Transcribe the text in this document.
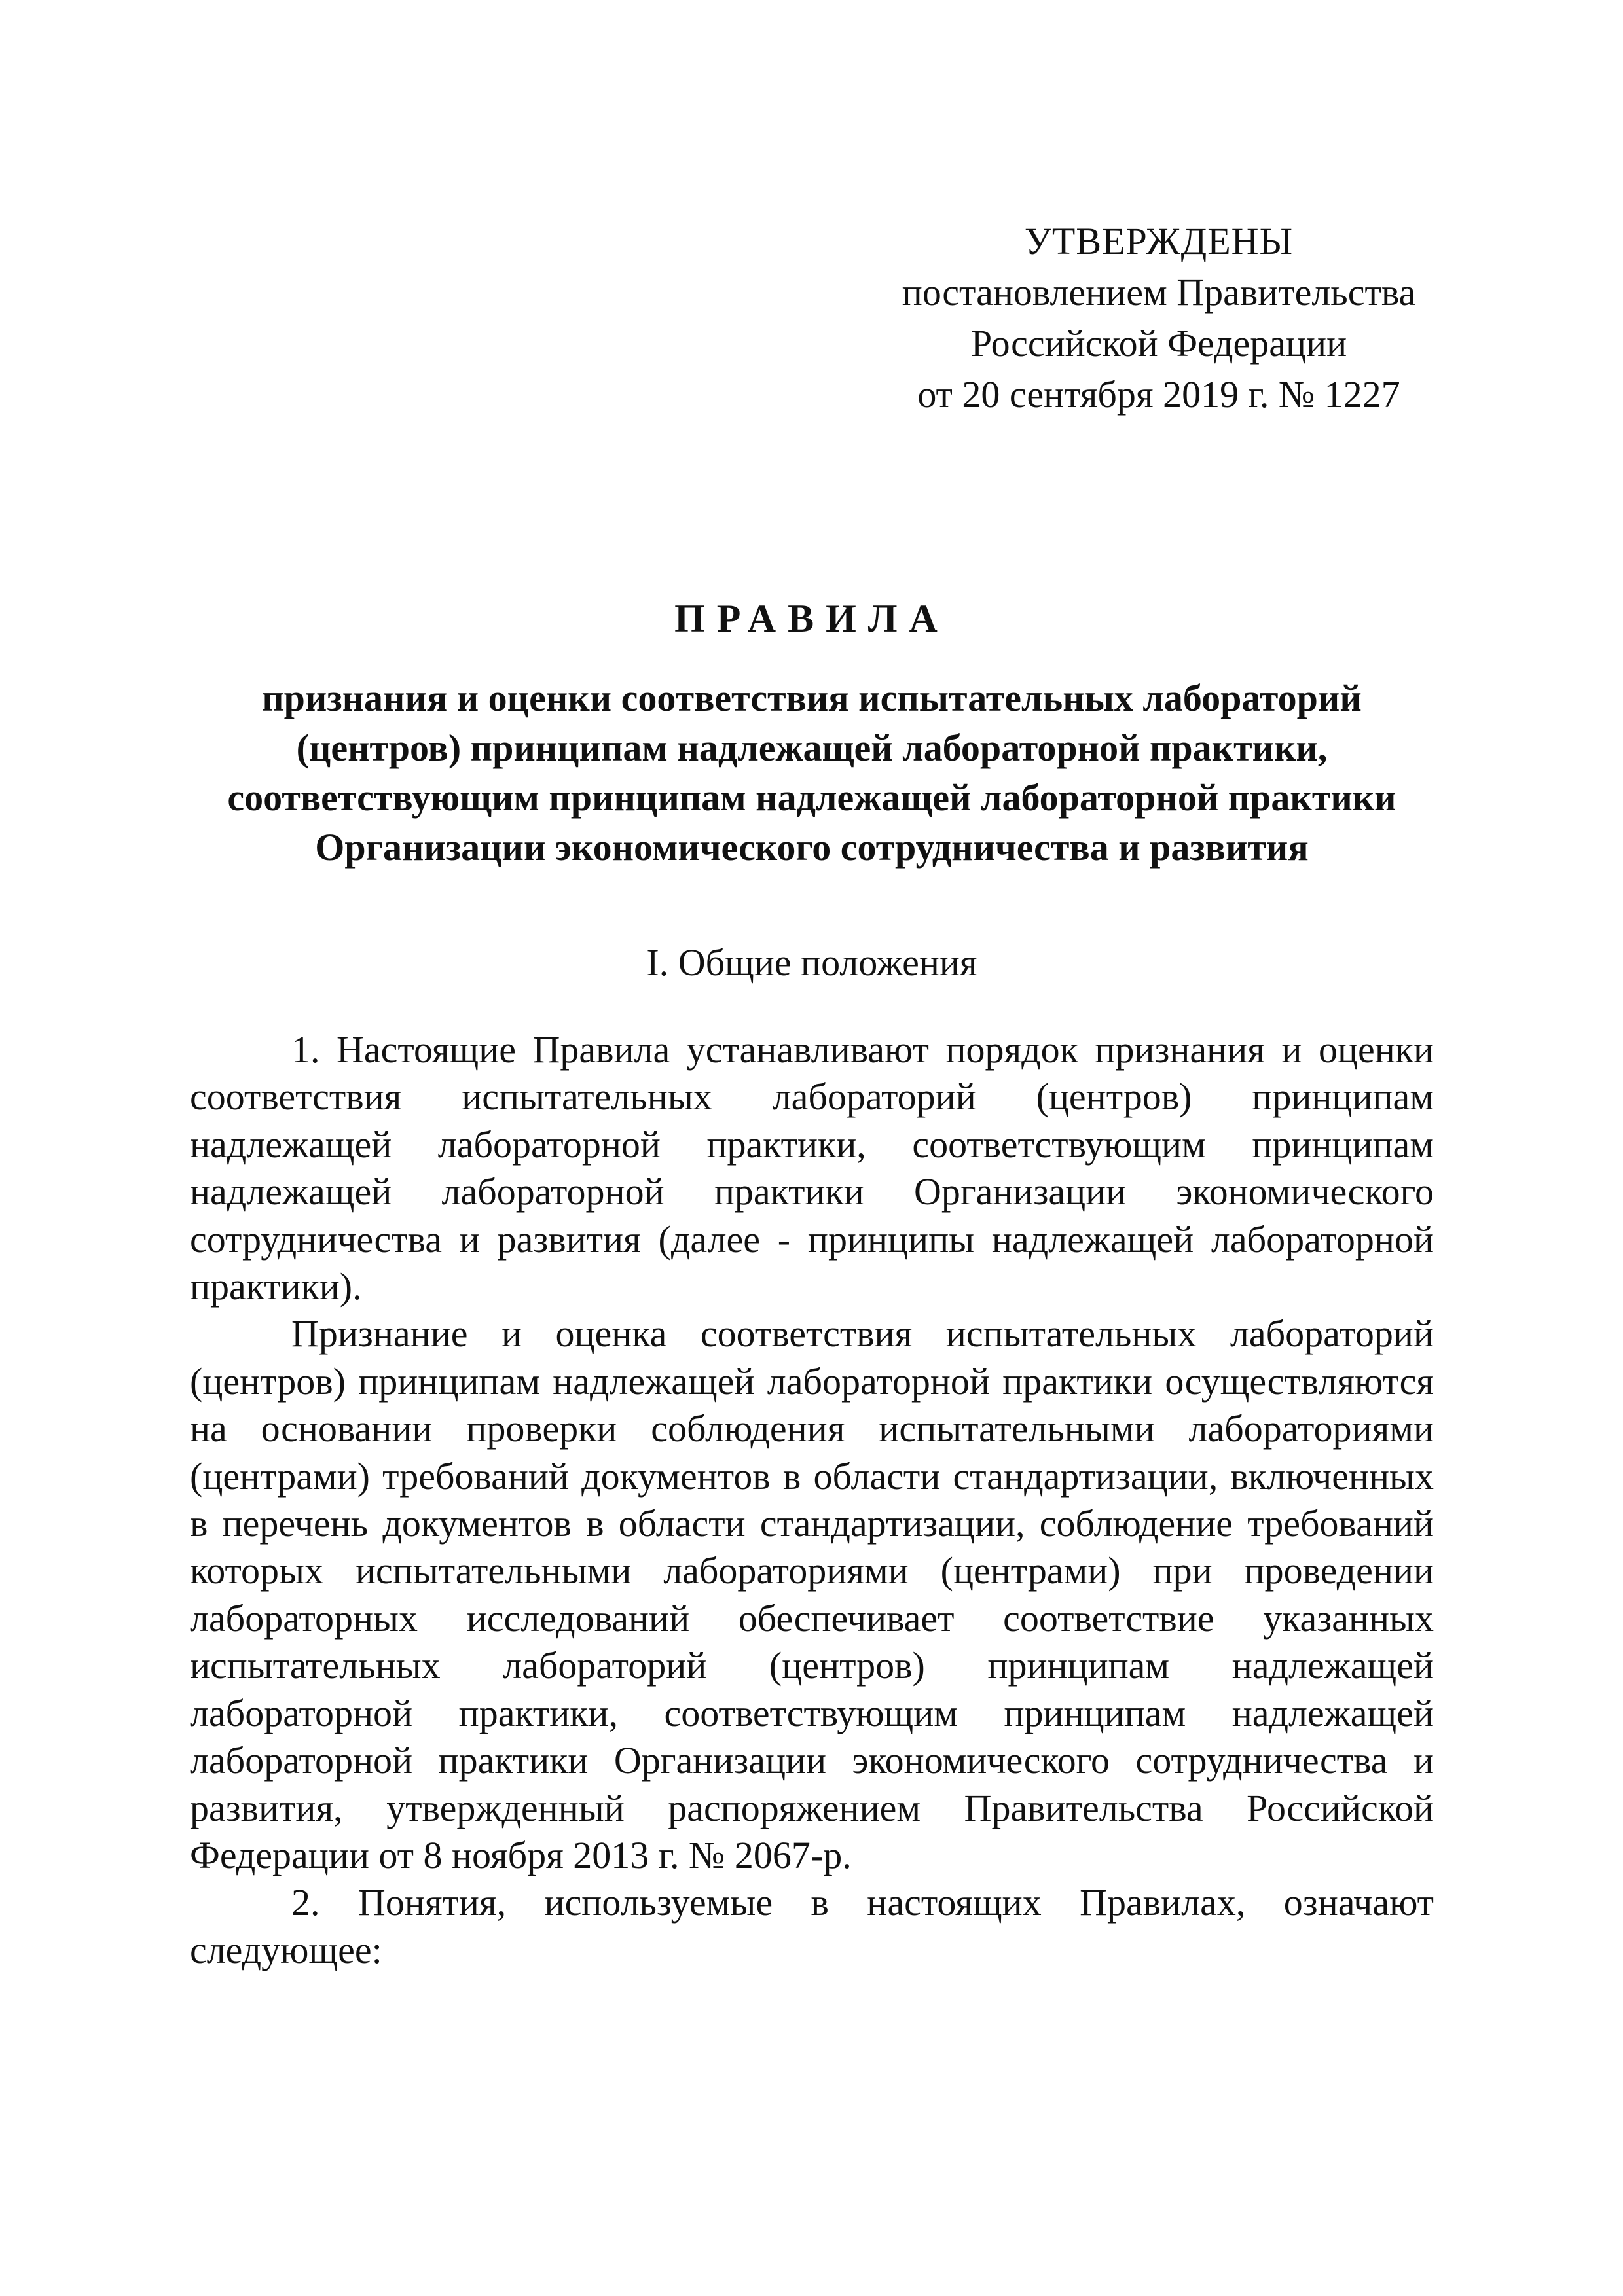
УТВЕРЖДЕНЫ
постановлением Правительства
Российской Федерации
от 20 сентября 2019 г. № 1227
ПРАВИЛА
признания и оценки соответствия испытательных лабораторий
(центров) принципам надлежащей лабораторной практики,
соответствующим принципам надлежащей лабораторной практики
Организации экономического сотрудничества и развития
I. Общие положения

1. Настоящие Правила устанавливают порядок признания и оценки соответствия испытательных лабораторий (центров) принципам надлежащей лабораторной практики, соответствующим принципам надлежащей лабораторной практики Организации экономического сотрудничества и развития (далее - принципы надлежащей лабораторной практики).

Признание и оценка соответствия испытательных лабораторий (центров) принципам надлежащей лабораторной практики осуществляются на основании проверки соблюдения испытательными лабораториями (центрами) требований документов в области стандартизации, включенных в перечень документов в области стандартизации, соблюдение требований которых испытательными лабораториями (центрами) при проведении лабораторных исследований обеспечивает соответствие указанных испытательных лабораторий (центров) принципам надлежащей лабораторной практики, соответствующим принципам надлежащей лабораторной практики Организации экономического сотрудничества и развития, утвержденный распоряжением Правительства Российской Федерации от 8 ноября 2013 г. № 2067-р.

2. Понятия, используемые в настоящих Правилах, означают следующее:
